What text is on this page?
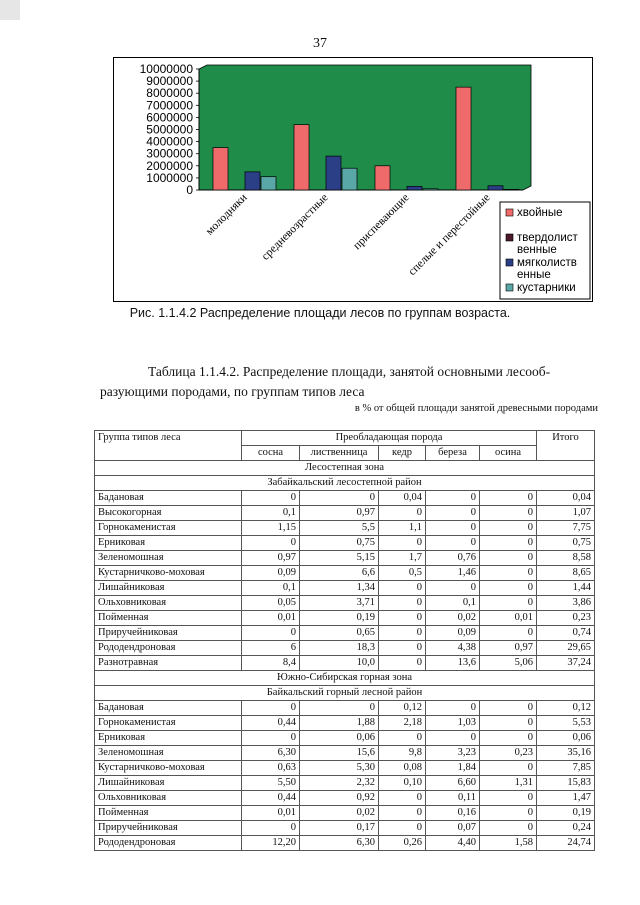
37
10000000
9000000
8000000
7000000
6000000
5000000
4000000
3000000
2000000
1000000
0
молодняки средневозрастные приспевающие
спелые и перестойные хвойные
твердолист венные
мягколиств енные
кустарники
Рис. 1.1.4.2 Распределение площади лесов по группам возраста.
Таблица 1.1.4.2. Распределение площади, занятой основными лесооб-
разующими породами, по группам типов леса
в % от общей площади занятой древесными породами
Группа типов леса	Преобладающая порода					Итого
	сосна	лиственница	кедр	береза	осина	
Лесостепная зона						
Забайкальский лесостепной район						
Бадановая	0	0	0,04	0	0	0,04
Высокогорная	0,1	0,97	0	0	0	1,07
Горнокаменистая	1,15	5,5	1,1	0	0	7,75
Ерниковая	0	0,75	0	0	0	0,75
Зеленомошная	0,97	5,15	1,7	0,76	0	8,58
Кустарничково-моховая	0,09	6,6	0,5	1,46	0	8,65
Лишайниковая	0,1	1,34	0	0	0	1,44
Ольховниковая	0,05	3,71	0	0,1	0	3,86
Пойменная	0,01	0,19	0	0,02	0,01	0,23
Приручейниковая	0	0,65	0	0,09	0	0,74
Рододендроновая	6	18,3	0	4,38	0,97	29,65
Разнотравная	8,4	10,0	0	13,6	5,06	37,24
Южно-Сибирская горная зона						
Байкальский горный лесной район						
Бадановая	0	0	0,12	0	0	0,12
Горнокаменистая	0,44	1,88	2,18	1,03	0	5,53
Ерниковая	0	0,06	0	0	0	0,06
Зеленомошная	6,30	15,6	9,8	3,23	0,23	35,16
Кустарничково-моховая	0,63	5,30	0,08	1,84	0	7,85
Лишайниковая	5,50	2,32	0,10	6,60	1,31	15,83
Ольховниковая	0,44	0,92	0	0,11	0	1,47
Пойменная	0,01	0,02	0	0,16	0	0,19
Приручейниковая	0	0,17	0	0,07	0	0,24
Рододендроновая	12,20	6,30	0,26	4,40	1,58	24,74
